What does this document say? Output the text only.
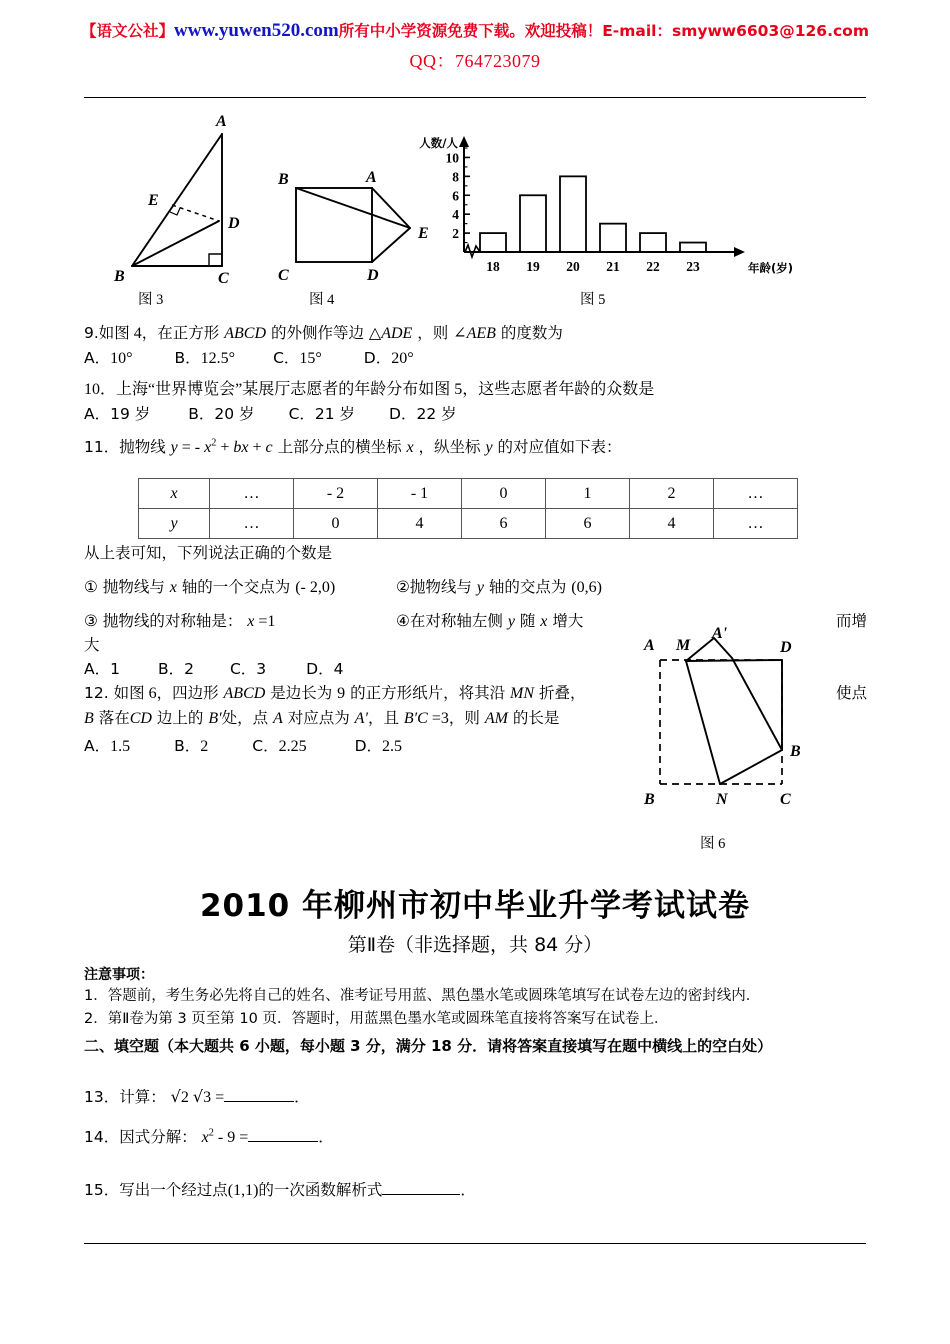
【语文公社】www.yuwen520.com所有中小学资源免费下载。欢迎投稿！E-mail：smyww6603@126.com
QQ：764723079
A
E
D
B	C
图 3
B	A
E
C	D
图 4
2
4
6
8
10
18 19 20 21 22 23
人数/人
年龄(岁)
图 5
9.如图 4，在正方形 ABCD 的外侧作等边 △ADE ，则 ∠AEB 的度数为
A．10°	B．12.5° C．15°	D．20°
10．上海“世界博览会”某展厅志愿者的年龄分布如图 5，这些志愿者年龄的众数是
A．19 岁 B．20 岁 C．21 岁 D．22 岁
11．抛物线 y = - $x^2$ + bx + c 上部分点的横坐标 x ，纵坐标 y 的对应值如下表：
x	…	- 2	- 1	0	1	2	…
y	…	0	4	6	6	4	…
从上表可知，下列说法正确的个数是
① 抛物线与 x 轴的一个交点为 (- 2,0)	②抛物线与 y 轴的交点为 (0,6)
③ 抛物线的对称轴是： x =1	④在对称轴左侧 y 随 x 增大	而增
大
A．1 B．2 C．3	D．4
12. 如图 6，四边形 ABCD 是边长为 9 的正方形纸片，将其沿 MN 折叠，	使点
B 落在CD 边上的 B′处，点 A 对应点为 A′，且 B′C =3，则 AM 的长是
A．1.5	B．2	C．2.25	D．2.5
A M
A'
D
B
B	N	C
图 6
2010 年柳州市初中毕业升学考试试卷
第Ⅱ卷（非选择题，共 84 分）
注意事项：
1．答题前，考生务必先将自己的姓名、准考证号用蓝、黑色墨水笔或圆珠笔填写在试卷左边的密封线内．
2．第Ⅱ卷为第 3 页至第 10 页．答题时，用蓝黑色墨水笔或圆珠笔直接将答案写在试卷上．
二、填空题（本大题共 6 小题，每小题 3 分，满分 18 分．请将答案直接填写在题中横线上的空白处）
13．计算： √2 √3 =	．
14．因式分解： $x^2 - 9$ =	．
15．写出一个经过点(1,1)的一次函数解析式	．
